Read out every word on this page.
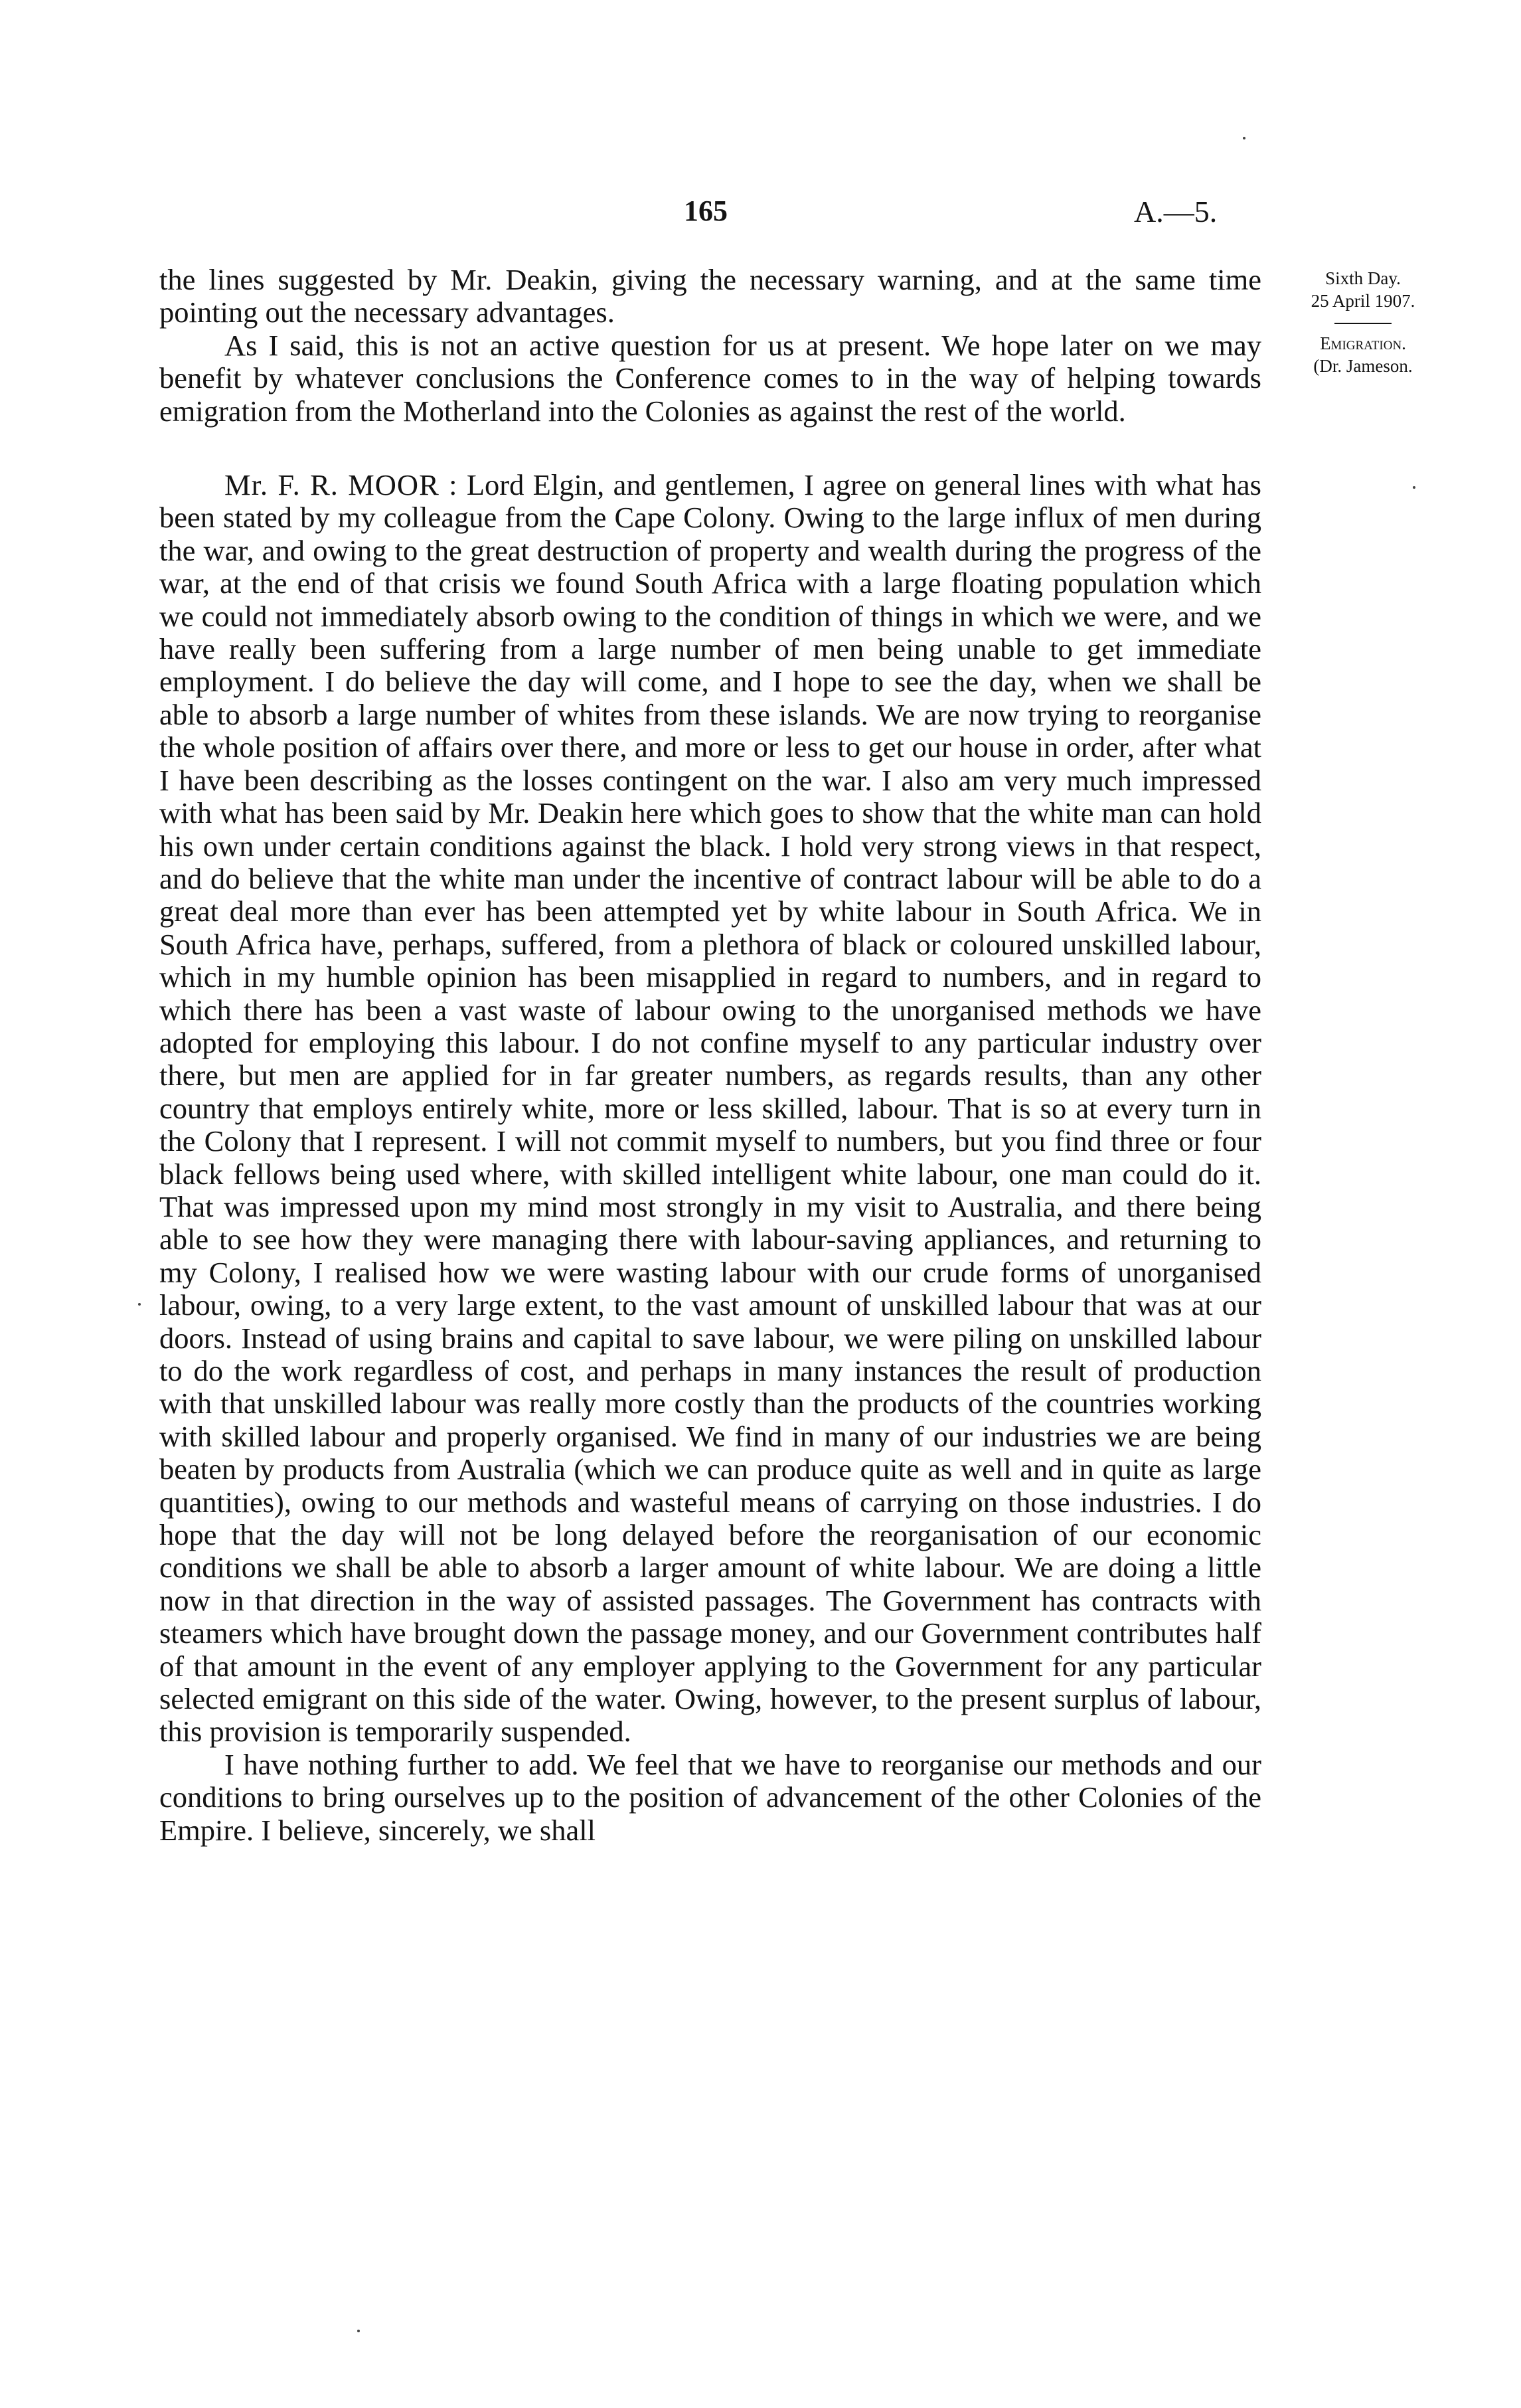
165	A.—5.
Sixth Day.
25 April 1907.
Emigration.
(Dr. Jameson.

the lines suggested by Mr. Deakin, giving the necessary warning, and at the same time pointing out the necessary advantages.

As I said, this is not an active question for us at present. We hope later on we may benefit by whatever conclusions the Conference comes to in the way of helping towards emigration from the Motherland into the Colonies as against the rest of the world.

Mr. F. R. MOOR : Lord Elgin, and gentlemen, I agree on general lines with what has been stated by my colleague from the Cape Colony. Owing to the large influx of men during the war, and owing to the great destruction of property and wealth during the progress of the war, at the end of that crisis we found South Africa with a large floating population which we could not immediately absorb owing to the condition of things in which we were, and we have really been suffering from a large number of men being unable to get immediate employment. I do believe the day will come, and I hope to see the day, when we shall be able to absorb a large number of whites from these islands. We are now trying to reorganise the whole position of affairs over there, and more or less to get our house in order, after what I have been describing as the losses contingent on the war. I also am very much impressed with what has been said by Mr. Deakin here which goes to show that the white man can hold his own under certain conditions against the black. I hold very strong views in that respect, and do believe that the white man under the incentive of contract labour will be able to do a great deal more than ever has been attempted yet by white labour in South Africa. We in South Africa have, perhaps, suffered, from a plethora of black or coloured unskilled labour, which in my humble opinion has been misapplied in regard to numbers, and in regard to which there has been a vast waste of labour owing to the unorganised methods we have adopted for employing this labour. I do not confine myself to any particular industry over there, but men are applied for in far greater numbers, as regards results, than any other country that employs entirely white, more or less skilled, labour. That is so at every turn in the Colony that I represent. I will not commit myself to numbers, but you find three or four black fellows being used where, with skilled intelligent white labour, one man could do it. That was impressed upon my mind most strongly in my visit to Australia, and there being able to see how they were managing there with labour-saving appliances, and returning to my Colony, I realised how we were wasting labour with our crude forms of unorganised labour, owing, to a very large extent, to the vast amount of unskilled labour that was at our doors. Instead of using brains and capital to save labour, we were piling on unskilled labour to do the work regardless of cost, and perhaps in many instances the result of production with that unskilled labour was really more costly than the products of the countries working with skilled labour and properly organised. We find in many of our industries we are being beaten by products from Australia (which we can produce quite as well and in quite as large quantities), owing to our methods and wasteful means of carrying on those industries. I do hope that the day will not be long delayed before the reorganisation of our economic conditions we shall be able to absorb a larger amount of white labour. We are doing a little now in that direction in the way of assisted passages. The Government has contracts with steamers which have brought down the passage money, and our Government contributes half of that amount in the event of any employer applying to the Government for any particular selected emigrant on this side of the water. Owing, however, to the present surplus of labour, this provision is temporarily suspended.

I have nothing further to add. We feel that we have to reorganise our methods and our conditions to bring ourselves up to the position of advancement of the other Colonies of the Empire. I believe, sincerely, we shall
